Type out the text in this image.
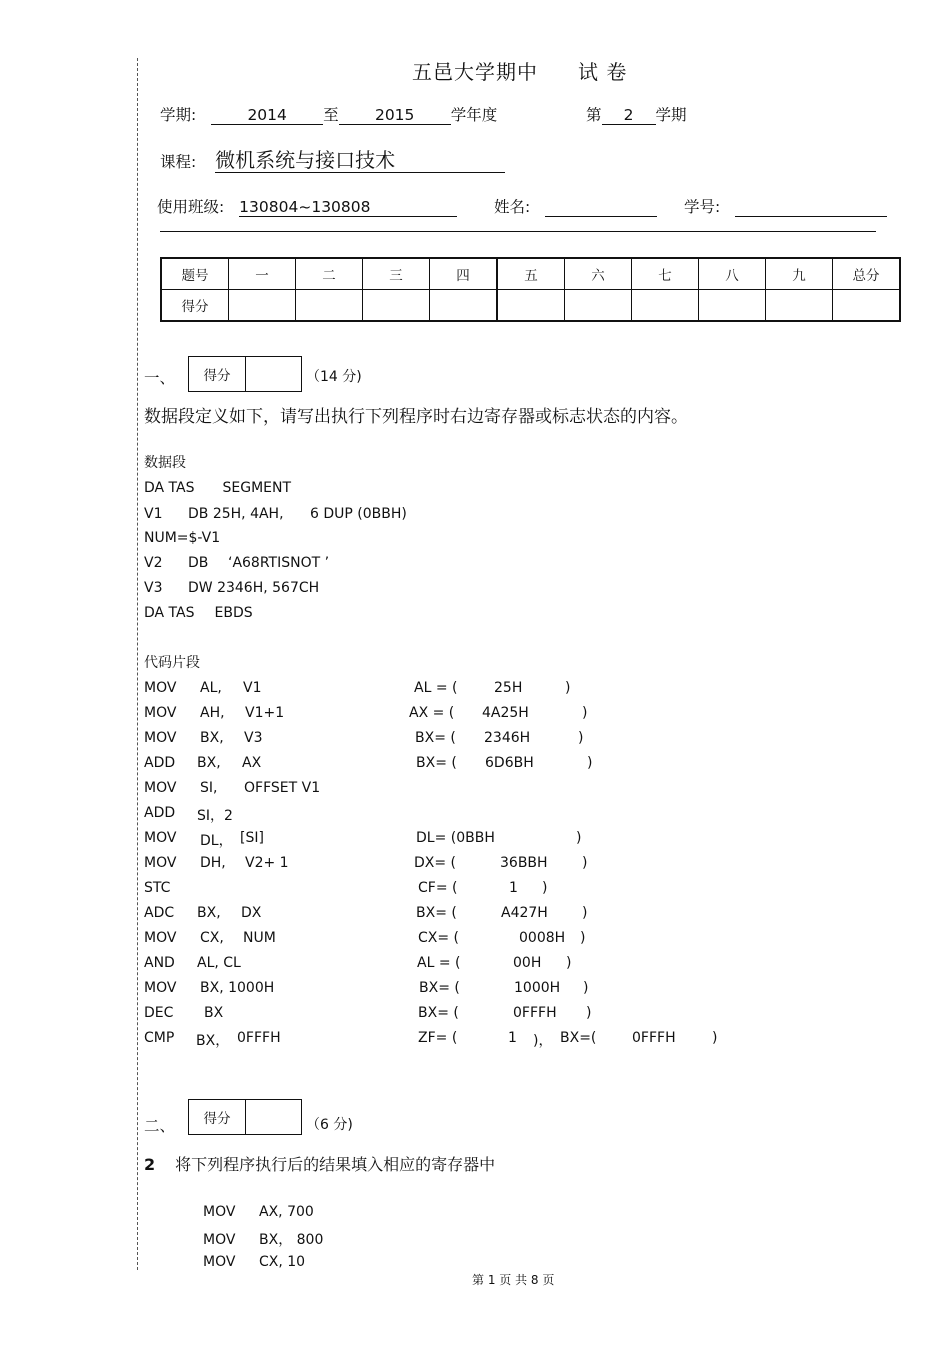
五邑大学期中 试 卷
学期:	2014 至 2015 学年度	第 2 学期
课程: 微机系统与接口技术
使用班级: 130804~130808	姓名:	学号:
题号	一	二	三	四	五	六	七	八	九	总分
得分										
一、	得分	（14 分)
数据段定义如下，请写出执行下列程序时右边寄存器或标志状态的内容。
数据段
DA TAS SEGMENT
V1 DB 25H, 4AH, 6 DUP (0BBH)
NUM=$-V1
V2 DB ‘A68RTISNOT ’
V3 DW 2346H, 567CH
DA TAS EBDS
代码片段
MOV AL, V1	AL = (	25H	)
MOV AH, V1+1	AX = ( 4A25H	)
MOV BX, V3	BX= ( 2346H	)
ADD BX, AX	BX= ( 6D6BH	)
MOV SI, OFFSET V1
ADD SI，2
MOV DL， [SI]	DL= (0BBH	)
MOV DH, V2+ 1	DX= (	36BBH )
STC	CF= (	1 )
ADC BX, DX	BX= (	A427H )
MOV CX, NUM	CX= (	0008H )
AND AL, CL	AL = (	00H )
MOV BX, 1000H	BX= (	1000H )
DEC BX	BX= (	0FFFH )
CMP BX， 0FFFH	ZF= (	1 )， BX=(	0FFFH	)
二、	得分	（6 分)
2 将下列程序执行后的结果填入相应的寄存器中
MOV AX, 700
MOV BX， 800
MOV CX, 10
第 1 页 共 8 页
